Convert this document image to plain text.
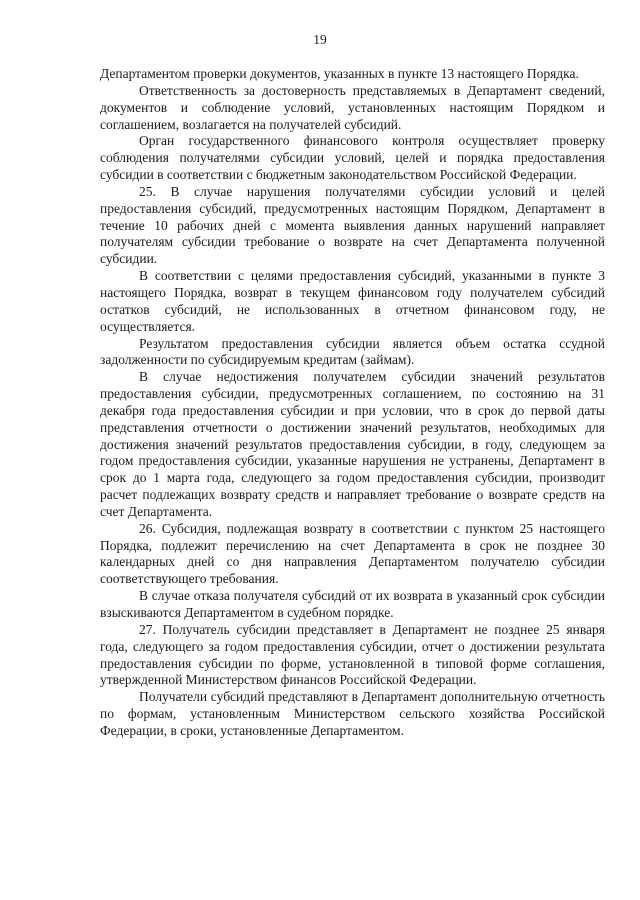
19

Департаментом проверки документов, указанных в пункте 13 настоящего Порядка.

Ответственность за достоверность представляемых в Департамент сведений, документов и соблюдение условий, установленных настоящим Порядком и соглашением, возлагается на получателей субсидий.

Орган государственного финансового контроля осуществляет проверку соблюдения получателями субсидии условий, целей и порядка предоставления субсидии в соответствии с бюджетным законодательством Российской Федерации.

25. В случае нарушения получателями субсидии условий и целей предоставления субсидий, предусмотренных настоящим Порядком, Департамент в течение 10 рабочих дней с момента выявления данных нарушений направляет получателям субсидии требование о возврате на счет Департамента полученной субсидии.

В соответствии с целями предоставления субсидий, указанными в пункте 3 настоящего Порядка, возврат в текущем финансовом году получателем субсидий остатков субсидий, не использованных в отчетном финансовом году, не осуществляется.

Результатом предоставления субсидии является объем остатка ссудной задолженности по субсидируемым кредитам (займам).

В случае недостижения получателем субсидии значений результатов предоставления субсидии, предусмотренных соглашением, по состоянию на 31 декабря года предоставления субсидии и при условии, что в срок до первой даты представления отчетности о достижении значений результатов, необходимых для достижения значений результатов предоставления субсидии, в году, следующем за годом предоставления субсидии, указанные нарушения не устранены, Департамент в срок до 1 марта года, следующего за годом предоставления субсидии, производит расчет подлежащих возврату средств и направляет требование о возврате средств на счет Департамента.

26. Субсидия, подлежащая возврату в соответствии с пунктом 25 настоящего Порядка, подлежит перечислению на счет Департамента в срок не позднее 30 календарных дней со дня направления Департаментом получателю субсидии соответствующего требования.

В случае отказа получателя субсидий от их возврата в указанный срок субсидии взыскиваются Департаментом в судебном порядке.

27. Получатель субсидии представляет в Департамент не позднее 25 января года, следующего за годом предоставления субсидии, отчет о достижении результата предоставления субсидии по форме, установленной в типовой форме соглашения, утвержденной Министерством финансов Российской Федерации.

Получатели субсидий представляют в Департамент дополнительную отчетность по формам, установленным Министерством сельского хозяйства Российской Федерации, в сроки, установленные Департаментом.
